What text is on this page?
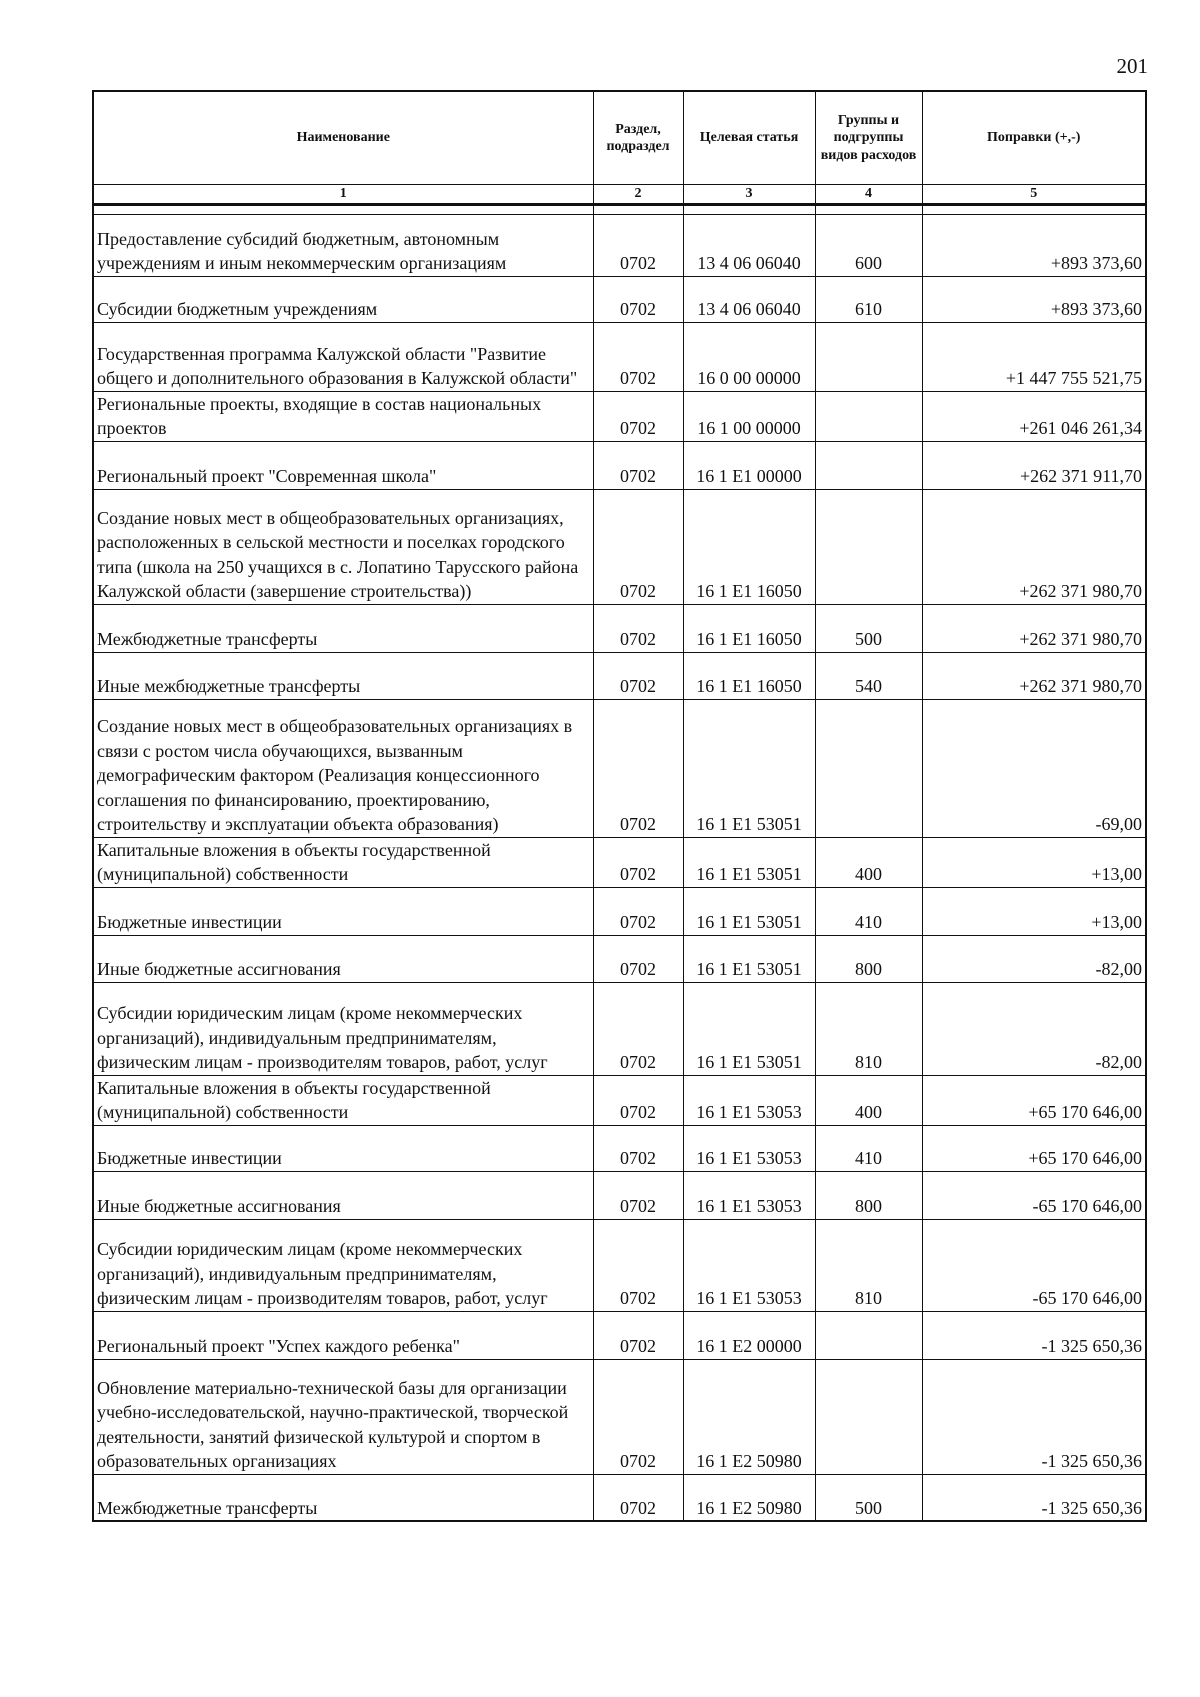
201
Наименование	Раздел, подраздел	Целевая статья	Группы и подгруппы видов расходов	Поправки (+,-)
1	2	3	4	5

Предоставление субсидий бюджетным, автономным учреждениям и иным некоммерческим организациям	0702	13 4 06 06040	600	+893 373,60
Субсидии бюджетным учреждениям	0702	13 4 06 06040	610	+893 373,60
Государственная программа Калужской области "Развитие общего и дополнительного образования в Калужской области"	0702	16 0 00 00000		+1 447 755 521,75
Региональные проекты, входящие в состав национальных проектов	0702	16 1 00 00000		+261 046 261,34
Региональный проект "Современная школа"	0702	16 1 E1 00000		+262 371 911,70
Создание новых мест в общеобразовательных организациях, расположенных в сельской местности и поселках городского типа (школа на 250 учащихся в с. Лопатино Тарусского района Калужской области (завершение строительства))	0702	16 1 E1 16050		+262 371 980,70
Межбюджетные трансферты	0702	16 1 E1 16050	500	+262 371 980,70
Иные межбюджетные трансферты	0702	16 1 E1 16050	540	+262 371 980,70
Создание новых мест в общеобразовательных организациях в связи с ростом числа обучающихся, вызванным демографическим фактором (Реализация концессионного соглашения по финансированию, проектированию, строительству и эксплуатации объекта образования)	0702	16 1 E1 53051		-69,00
Капитальные вложения в объекты государственной (муниципальной) собственности	0702	16 1 E1 53051	400	+13,00
Бюджетные инвестиции	0702	16 1 E1 53051	410	+13,00
Иные бюджетные ассигнования	0702	16 1 E1 53051	800	-82,00
Субсидии юридическим лицам (кроме некоммерческих организаций), индивидуальным предпринимателям, физическим лицам - производителям товаров, работ, услуг	0702	16 1 E1 53051	810	-82,00
Капитальные вложения в объекты государственной (муниципальной) собственности	0702	16 1 E1 53053	400	+65 170 646,00
Бюджетные инвестиции	0702	16 1 E1 53053	410	+65 170 646,00
Иные бюджетные ассигнования	0702	16 1 E1 53053	800	-65 170 646,00
Субсидии юридическим лицам (кроме некоммерческих организаций), индивидуальным предпринимателям, физическим лицам - производителям товаров, работ, услуг	0702	16 1 E1 53053	810	-65 170 646,00
Региональный проект "Успех каждого ребенка"	0702	16 1 E2 00000		-1 325 650,36
Обновление материально-технической базы для организации учебно-исследовательской, научно-практической, творческой деятельности, занятий физической культурой и спортом в образовательных организациях	0702	16 1 E2 50980		-1 325 650,36
Межбюджетные трансферты	0702	16 1 E2 50980	500	-1 325 650,36
